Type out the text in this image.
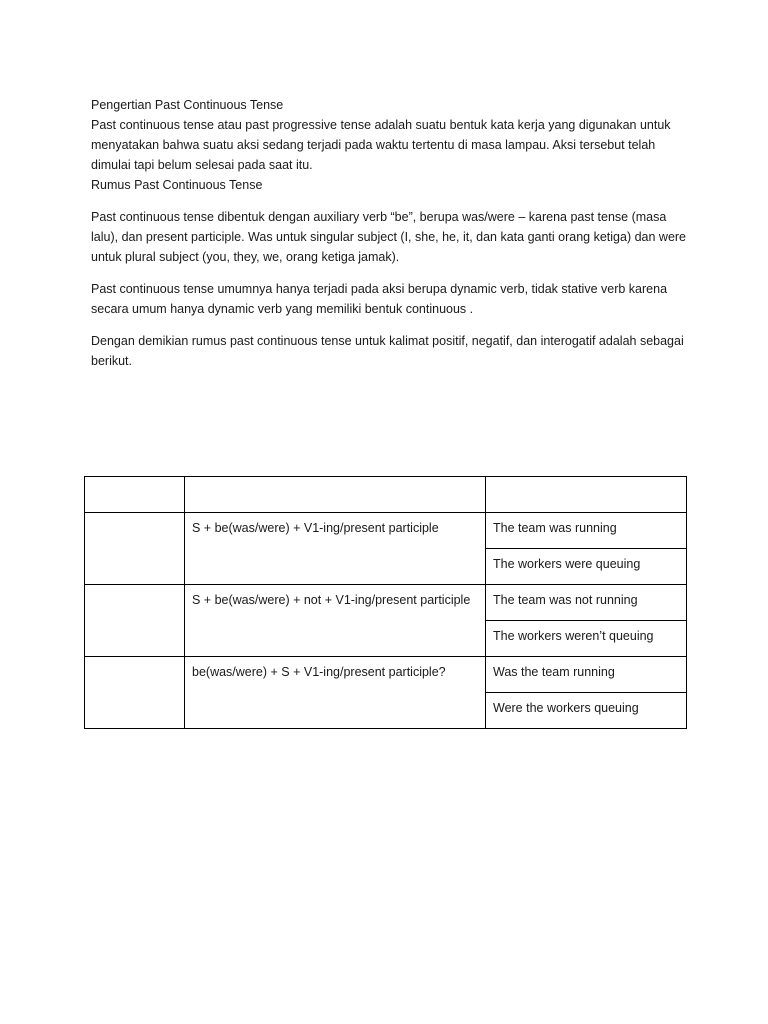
Pengertian Past Continuous Tense

Past continuous tense atau past progressive tense adalah suatu bentuk kata kerja yang digunakan untuk menyatakan bahwa suatu aksi sedang terjadi pada waktu tertentu di masa lampau. Aksi tersebut telah dimulai tapi belum selesai pada saat itu.

Rumus Past Continuous Tense

Past continuous tense dibentuk dengan auxiliary verb “be”, berupa was/were – karena past tense (masa lalu), dan present participle. Was untuk singular subject (I, she, he, it, dan kata ganti orang ketiga) dan were untuk plural subject (you, they, we, orang ketiga jamak).

Past continuous tense umumnya hanya terjadi pada aksi berupa dynamic verb, tidak stative verb karena secara umum hanya dynamic verb yang memiliki bentuk continuous .

Dengan demikian rumus past continuous tense untuk kalimat positif, negatif, dan interogatif adalah sebagai berikut.

	S + be(was/were) + V1-ing/present participle	The team was running
		The workers were queuing
	S + be(was/were) + not + V1-ing/present participle	The team was not running
		The workers weren’t queuing
	be(was/were) + S + V1-ing/present participle?	Was the team running
		Were the workers queuing
